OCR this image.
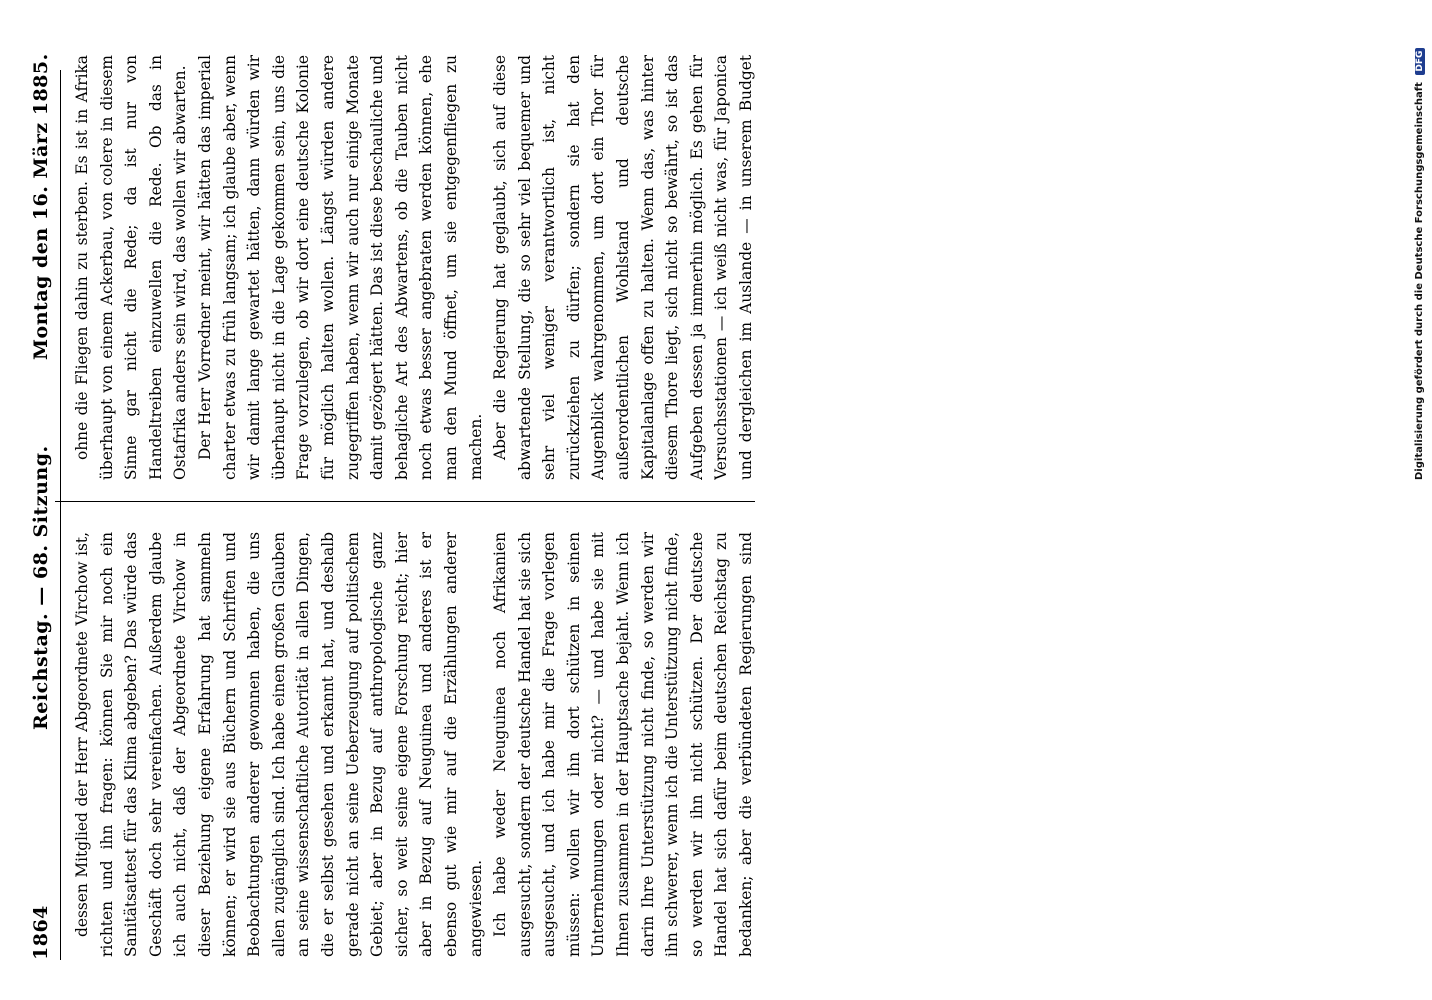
1864
Reichstag. — 68. Sitzung.
Montag den 16. März 1885.

dessen Mitglied der Herr Abgeordnete Virchow ist, richten und ihn fragen: können Sie mir noch ein Sanitätsattest für das Klima abgeben? Das würde das Geschäft doch sehr vereinfachen. Außerdem glaube ich auch nicht, daß der Abgeordnete Virchow in dieser Beziehung eigene Erfahrung hat sammeln können; er wird sie aus Büchern und Schriften und Beobachtungen anderer gewonnen haben, die uns allen zugänglich sind. Ich habe einen großen Glauben an seine wissenschaftliche Autorität in allen Dingen, die er selbst gesehen und erkannt hat, und deshalb gerade nicht an seine Ueberzeugung auf politischem Gebiet; aber in Bezug auf anthropologische ganz sicher, so weit seine eigene Forschung reicht; hier aber in Bezug auf Neuguinea und anderes ist er ebenso gut wie mir auf die Erzählungen anderer angewiesen. Ich habe weder Neuguinea noch Afrikanien ausgesucht, sondern der deutsche Handel hat sie sich ausgesucht, und ich habe mir die Frage vorlegen müssen: wollen wir ihn dort schützen in seinen Unternehmungen oder nicht? — und habe sie mit Ihnen zusammen in der Hauptsache bejaht. Wenn ich darin Ihre Unterstützung nicht finde, so werden wir ihn schwerer, wenn ich die Unterstützung nicht finde, so werden wir ihn nicht schützen. Der deutsche Handel hat sich dafür beim deutschen Reichstag zu bedanken; aber die verbündeten Regierungen sind

ohne die Fliegen dahin zu sterben. Es ist in Afrika überhaupt von einem Ackerbau, von colere in diesem Sinne gar nicht die Rede; da ist nur von Handeltreiben einzuwellen die Rede. Ob das in Ostafrika anders sein wird, das wollen wir abwarten. Der Herr Vorredner meint, wir hätten das imperial charter etwas zu früh langsam; ich glaube aber, wenn wir damit lange gewartet hätten, dann würden wir überhaupt nicht in die Lage gekommen sein, uns die Frage vorzulegen, ob wir dort eine deutsche Kolonie für möglich halten wollen. Längst würden andere zugegriffen haben, wenn wir auch nur einige Monate damit gezögert hätten. Das ist diese beschauliche und behagliche Art des Abwartens, ob die Tauben nicht noch etwas besser angebraten werden können, ehe man den Mund öffnet, um sie entgegenfliegen zu machen. Aber die Regierung hat geglaubt, sich auf diese abwartende Stellung, die so sehr viel bequemer und sehr viel weniger verantwortlich ist, nicht zurückziehen zu dürfen; sondern sie hat den Augenblick wahrgenommen, um dort ein Thor für außerordentlichen Wohlstand und deutsche Kapitalanlage offen zu halten. Wenn das, was hinter diesem Thore liegt, sich nicht so bewährt, so ist das Aufgeben dessen ja immerhin möglich. Es gehen für Versuchsstationen — ich weiß nicht was, für Japonica und dergleichen im Auslande — in unserem Budget	Digitalisierung gefördert durch die Deutsche Forschungsgemeinschaft DFG
